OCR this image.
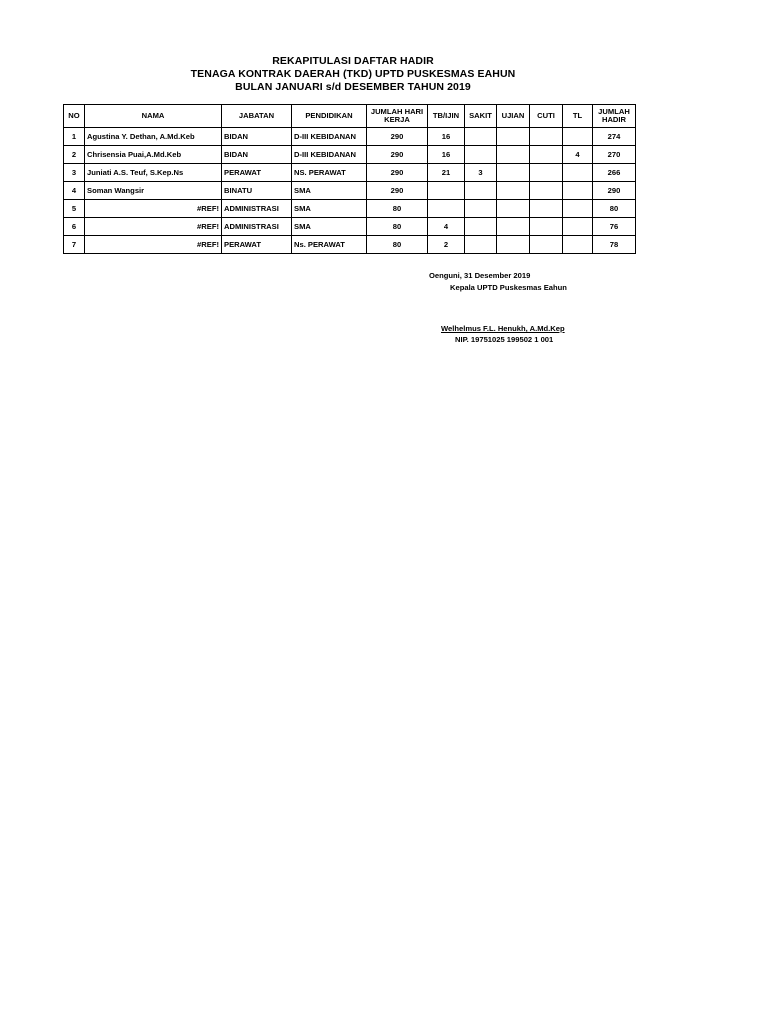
REKAPITULASI DAFTAR HADIR
TENAGA KONTRAK DAERAH (TKD) UPTD PUSKESMAS EAHUN
BULAN JANUARI s/d DESEMBER TAHUN 2019
NO	NAMA	JABATAN	PENDIDIKAN	JUMLAH HARI KERJA	TB/IJIN	SAKIT	UJIAN	CUTI	TL	JUMLAH HADIR
1	Agustina Y. Dethan, A.Md.Keb	BIDAN	D-III KEBIDANAN	290	16					274
2	Chrisensia Puai,A.Md.Keb	BIDAN	D-III KEBIDANAN	290	16				4	270
3	Juniati A.S. Teuf, S.Kep.Ns	PERAWAT	NS. PERAWAT	290	21	3				266
4	Soman Wangsir	BINATU	SMA	290						290
5	#REF!	ADMINISTRASI	SMA	80						80
6	#REF!	ADMINISTRASI	SMA	80	4					76
7	#REF!	PERAWAT	Ns. PERAWAT	80	2					78
Oenguni, 31 Desember 2019
Kepala UPTD Puskesmas Eahun
Welhelmus F.L. Henukh, A.Md.Kep
NIP. 19751025 199502 1 001
